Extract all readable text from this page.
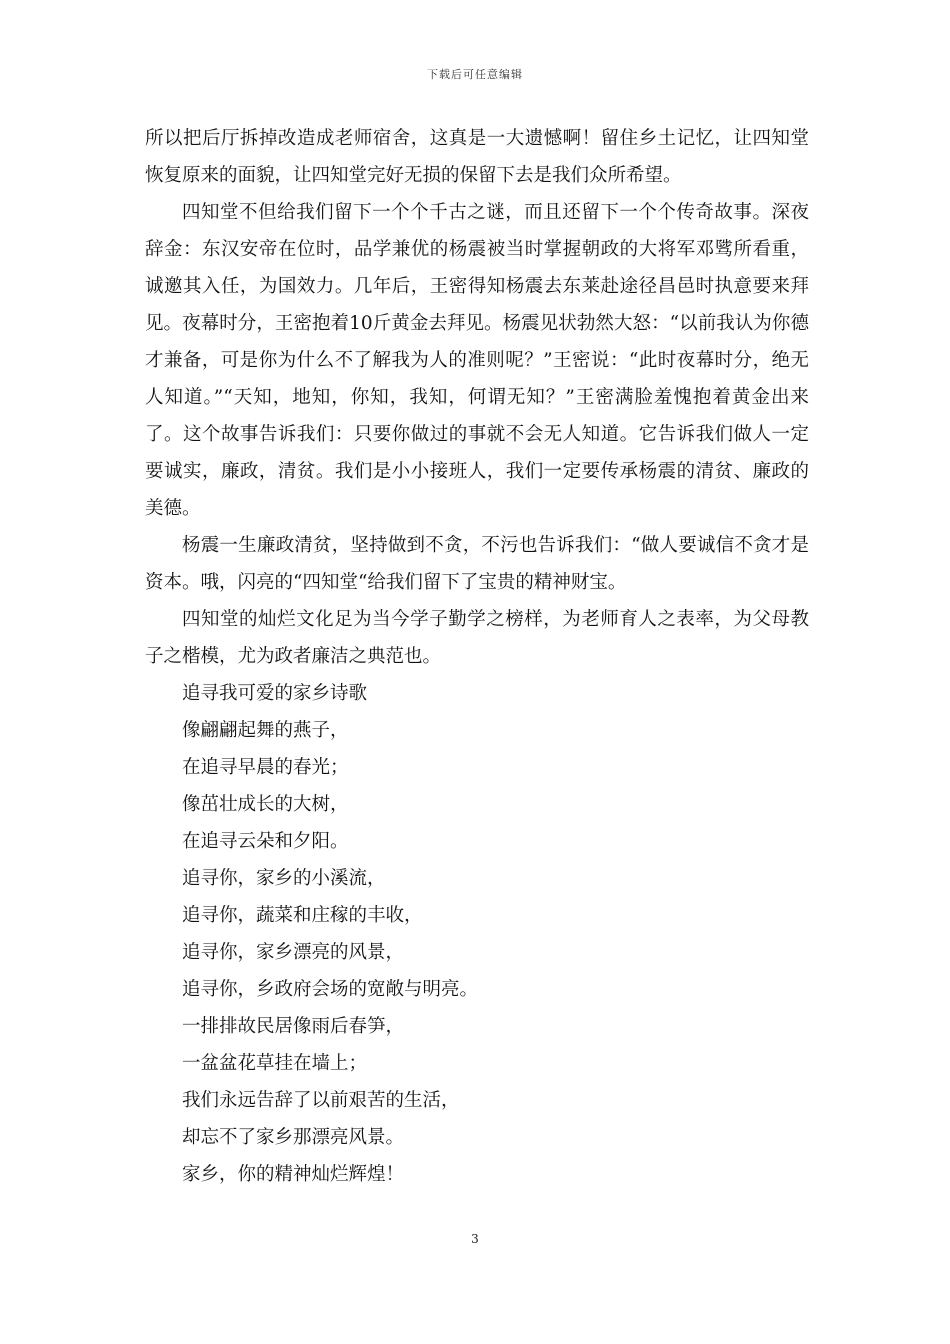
下载后可任意编辑

所以把后厅拆掉改造成老师宿舍，这真是一大遗憾啊！留住乡土记忆，让四知堂恢复原来的面貌，让四知堂完好无损的保留下去是我们众所希望。

四知堂不但给我们留下一个个千古之谜，而且还留下一个个传奇故事。深夜辞金：东汉安帝在位时，品学兼优的杨震被当时掌握朝政的大将军邓骘所看重，诚邀其入任，为国效力。几年后，王密得知杨震去东莱赴途径昌邑时执意要来拜见。夜幕时分，王密抱着10斤黄金去拜见。杨震见状勃然大怒：“以前我认为你德才兼备，可是你为什么不了解我为人的准则呢？”王密说：“此时夜幕时分，绝无人知道。”“天知，地知，你知，我知，何谓无知？”王密满脸羞愧抱着黄金出来了。这个故事告诉我们：只要你做过的事就不会无人知道。它告诉我们做人一定要诚实，廉政，清贫。我们是小小接班人，我们一定要传承杨震的清贫、廉政的美德。

杨震一生廉政清贫，坚持做到不贪，不污也告诉我们：“做人要诚信不贪才是资本。哦，闪亮的“四知堂“给我们留下了宝贵的精神财宝。

四知堂的灿烂文化足为当今学子勤学之榜样，为老师育人之表率，为父母教子之楷模，尤为政者廉洁之典范也。

追寻我可爱的家乡诗歌

像翩翩起舞的燕子，

在追寻早晨的春光；

像茁壮成长的大树，

在追寻云朵和夕阳。

追寻你，家乡的小溪流，

追寻你，蔬菜和庄稼的丰收，

追寻你，家乡漂亮的风景，

追寻你，乡政府会场的宽敞与明亮。

一排排故民居像雨后春笋，

一盆盆花草挂在墙上；

我们永远告辞了以前艰苦的生活，

却忘不了家乡那漂亮风景。

家乡，你的精神灿烂辉煌！

3
